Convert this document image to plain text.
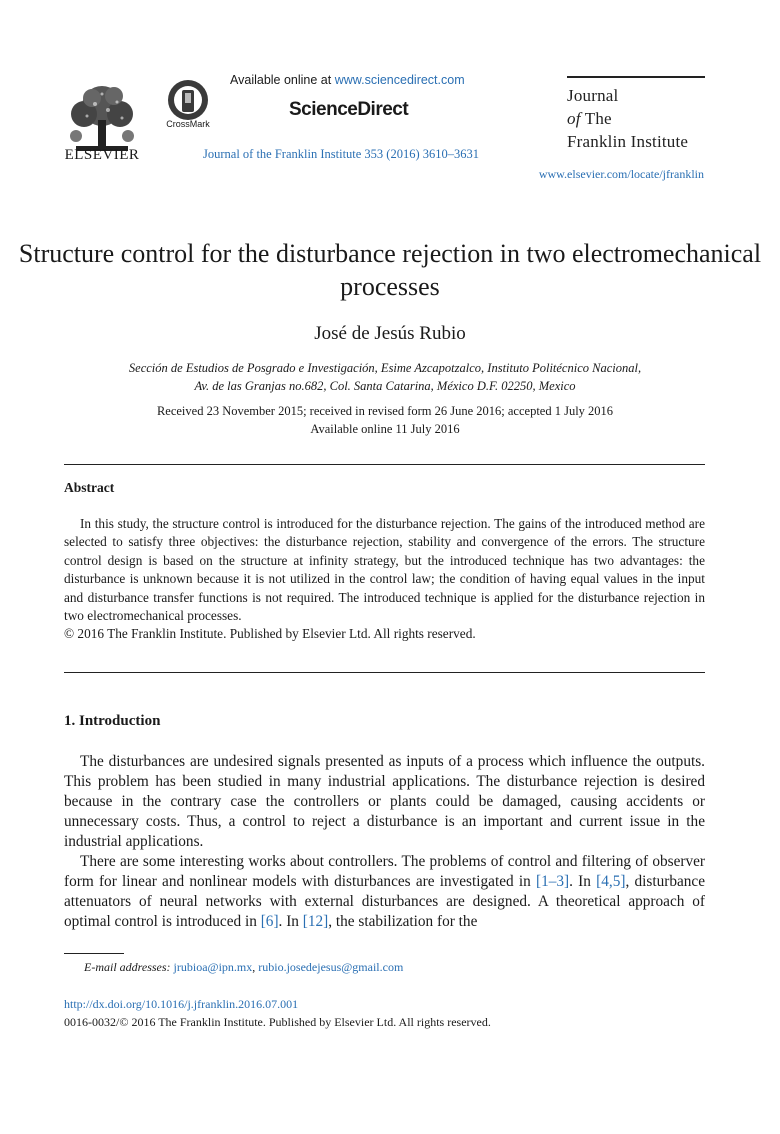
ELSEVIER
CrossMark
Available online at www.sciencedirect.com
ScienceDirect
Journal of the Franklin Institute 353 (2016) 3610–3631
Journal
of The
Franklin Institute
www.elsevier.com/locate/jfranklin
Structure control for the disturbance rejection in two electromechanical processes
José de Jesús Rubio
Sección de Estudios de Posgrado e Investigación, Esime Azcapotzalco, Instituto Politécnico Nacional,
Av. de las Granjas no.682, Col. Santa Catarina, México D.F. 02250, Mexico
Received 23 November 2015; received in revised form 26 June 2016; accepted 1 July 2016
Available online 11 July 2016
Abstract

In this study, the structure control is introduced for the disturbance rejection. The gains of the introduced method are selected to satisfy three objectives: the disturbance rejection, stability and convergence of the errors. The structure control design is based on the structure at infinity strategy, but the introduced technique has two advantages: the disturbance is unknown because it is not utilized in the control law; the condition of having equal values in the input and disturbance transfer functions is not required. The introduced technique is applied for the disturbance rejection in two electromechanical processes.

© 2016 The Franklin Institute. Published by Elsevier Ltd. All rights reserved.
1. Introduction

The disturbances are undesired signals presented as inputs of a process which influence the outputs. This problem has been studied in many industrial applications. The disturbance rejection is desired because in the contrary case the controllers or plants could be damaged, causing accidents or unnecessary costs. Thus, a control to reject a disturbance is an important and current issue in the industrial applications.

There are some interesting works about controllers. The problems of control and filtering of observer form for linear and nonlinear models with disturbances are investigated in [1–3]. In [4,5], disturbance attenuators of neural networks with external disturbances are designed. A theoretical approach of optimal control is introduced in [6]. In [12], the stabilization for the

E-mail addresses: jrubioa@ipn.mx, rubio.josedejesus@gmail.com
http://dx.doi.org/10.1016/j.jfranklin.2016.07.001
0016-0032/© 2016 The Franklin Institute. Published by Elsevier Ltd. All rights reserved.
